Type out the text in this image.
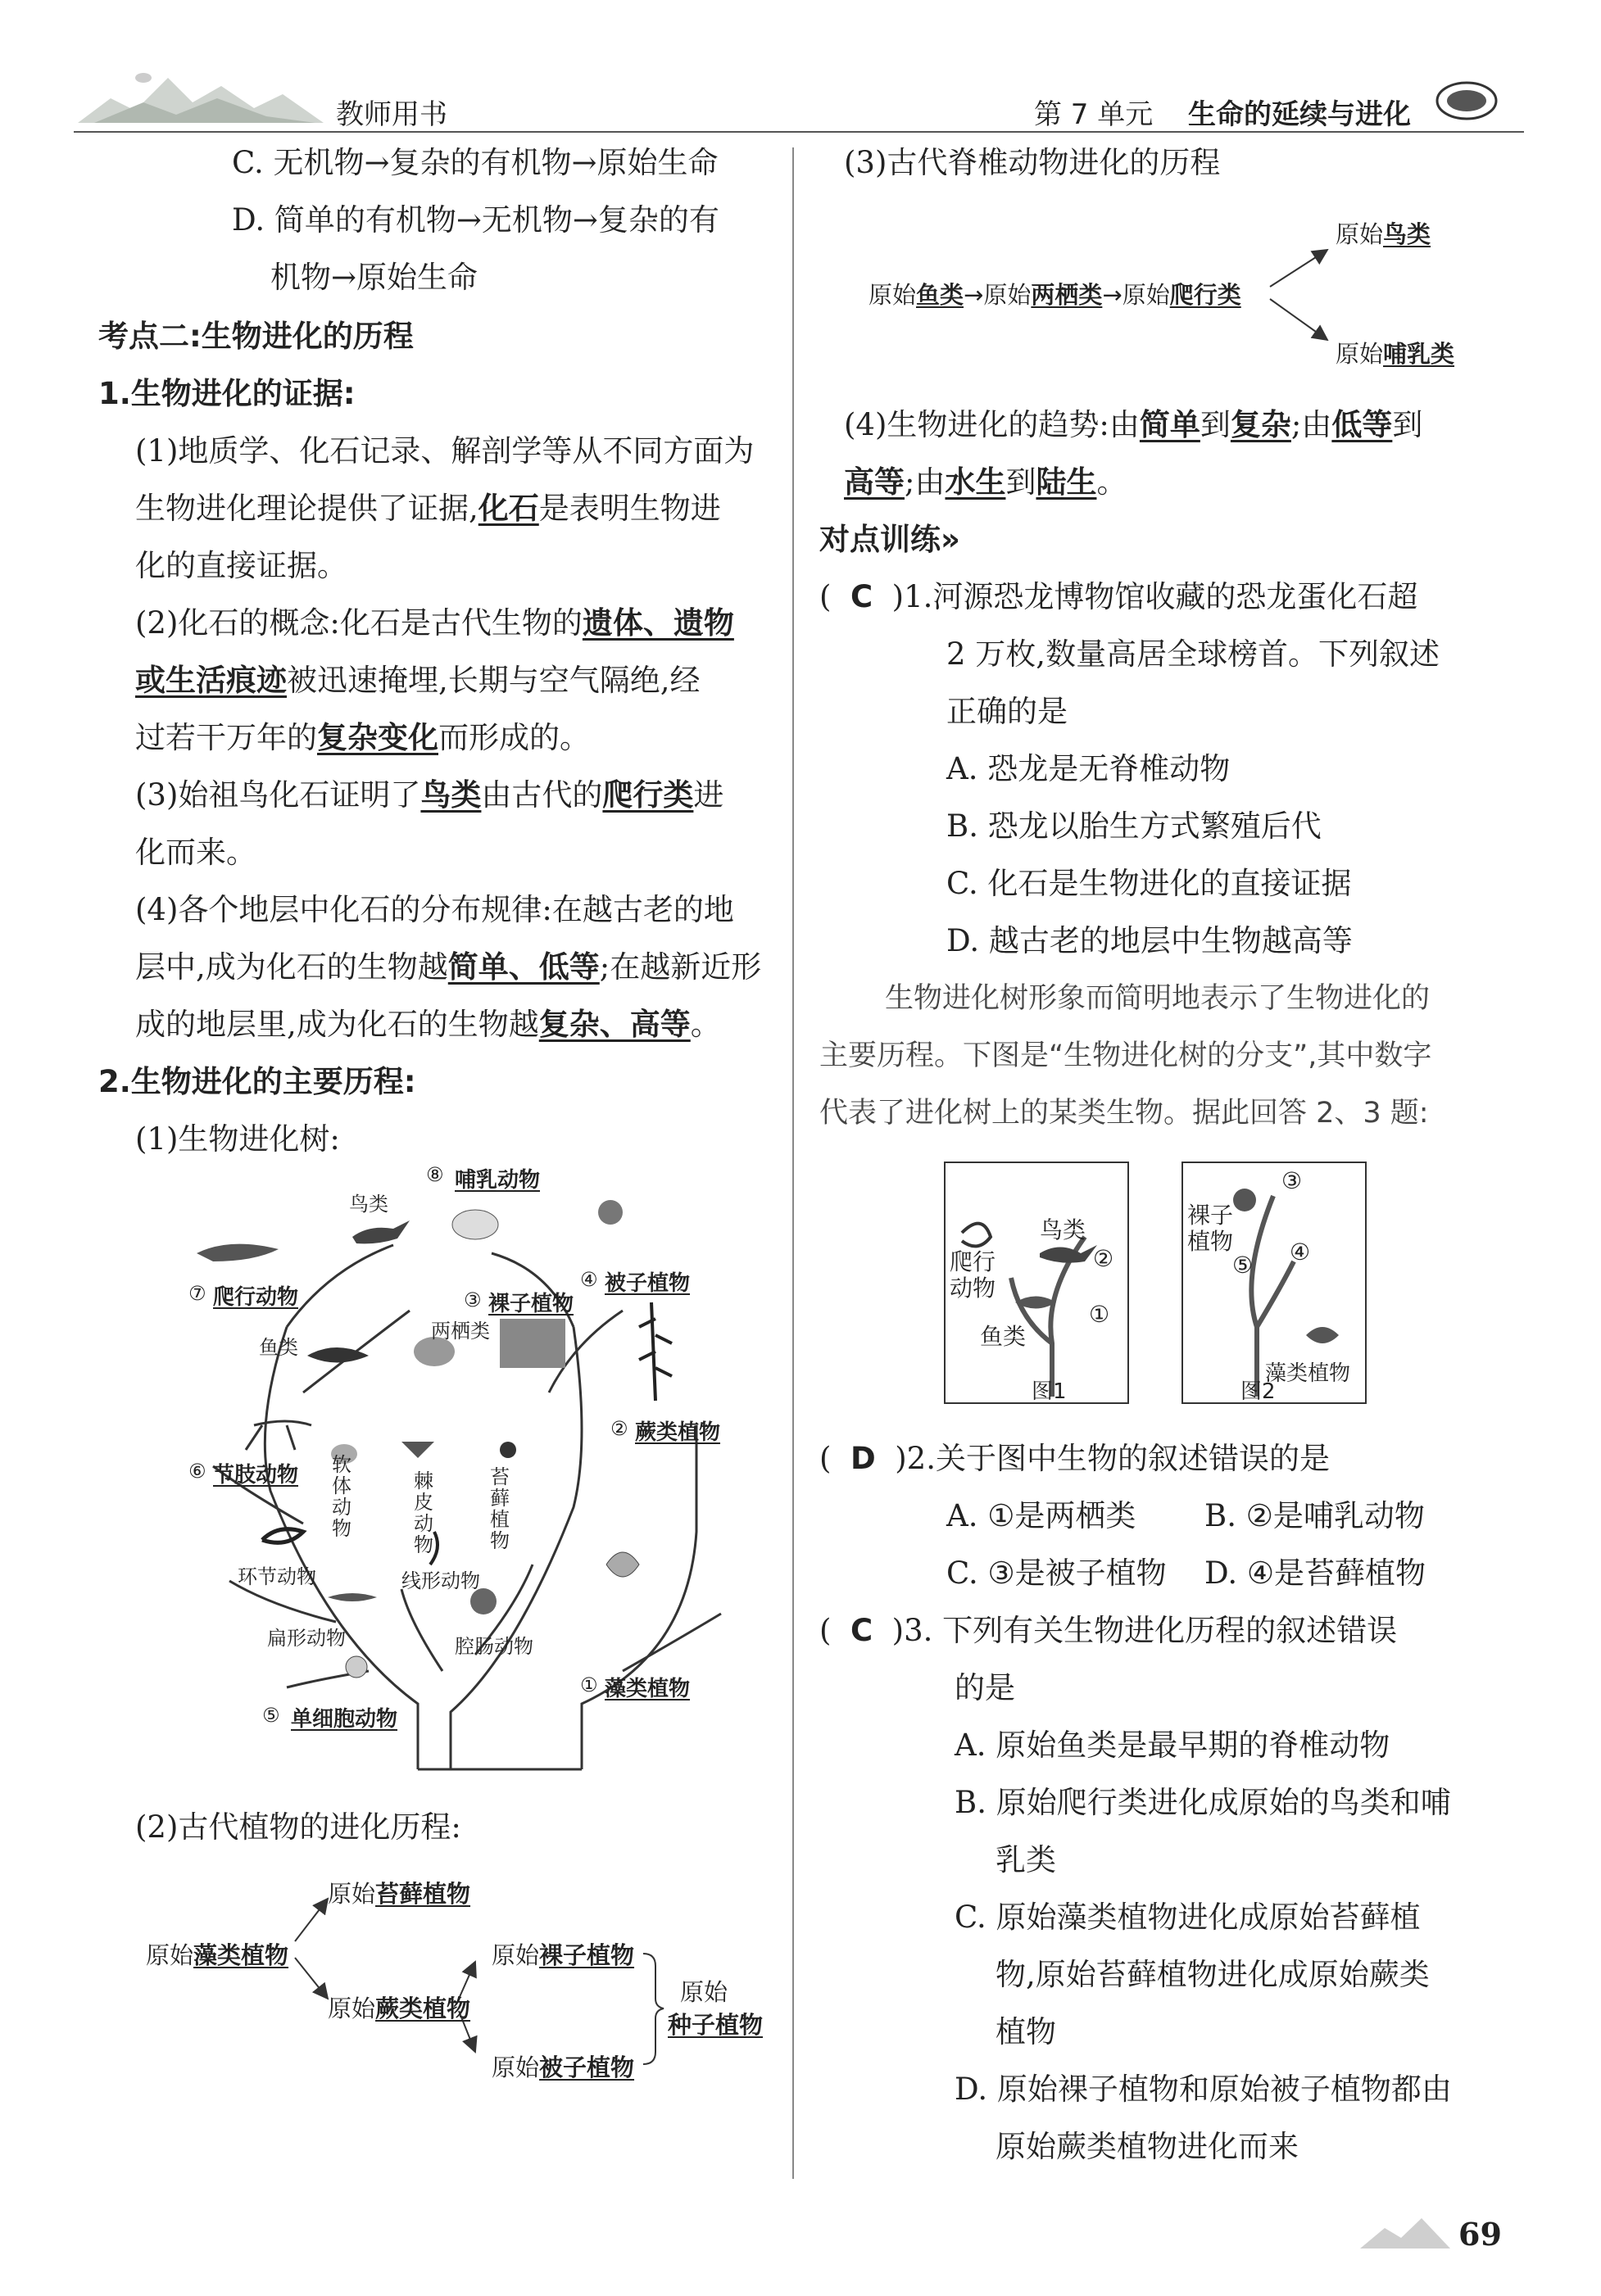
教师用书	第 7 单元 生命的延续与进化
C. 无机物→复杂的有机物→原始生命
D. 简单的有机物→无机物→复杂的有
机物→原始生命
考点二:生物进化的历程
1.生物进化的证据:
(1)地质学、化石记录、解剖学等从不同方面为
生物进化理论提供了证据,化石是表明生物进
化的直接证据。
(2)化石的概念:化石是古代生物的遗体、遗物
或生活痕迹被迅速掩埋,长期与空气隔绝,经
过若干万年的复杂变化而形成的。
(3)始祖鸟化石证明了鸟类由古代的爬行类进
化而来。
(4)各个地层中化石的分布规律:在越古老的地
层中,成为化石的生物越简单、低等;在越新近形
成的地层里,成为化石的生物越复杂、高等。
2.生物进化的主要历程:
(1)生物进化树:
鸟类
⑧ 哺乳动物
⑦ 爬行动物	③ 裸子植物
④ 被子植物
两栖类
鱼类
② 蕨类植物
⑥ 节肢动物 软体动物
棘皮动物
苔藓植物
环节动物	线形动物
扁形动物	腔肠动物
① 藻类植物
⑤ 单细胞动物
(2)古代植物的进化历程:
原始苔藓植物
原始藻类植物
原始蕨类植物
原始裸子植物
原始被子植物
原始
种子植物
(3)古代脊椎动物进化的历程
原始鱼类→原始两栖类→原始爬行类
原始鸟类
原始哺乳类
(4)生物进化的趋势:由简单到复杂;由低等到
高等;由水生到陆生。
对点训练»
(  C  )1.河源恐龙博物馆收藏的恐龙蛋化石超
2 万枚,数量高居全球榜首。下列叙述
正确的是
A. 恐龙是无脊椎动物
B. 恐龙以胎生方式繁殖后代
C. 化石是生物进化的直接证据
D. 越古老的地层中生物越高等
生物进化树形象而简明地表示了生物进化的
主要历程。下图是“生物进化树的分支”,其中数字
代表了进化树上的某类生物。据此回答 2、3 题:
鸟类
②
爬行
动物
①
鱼类
图1
③
裸子
植物
⑤ ④
藻类植物
图2
(  D  )2.关于图中生物的叙述错误的是
A. ①是两栖类 B. ②是哺乳动物
C. ③是被子植物 D. ④是苔藓植物
(  C  )3. 下列有关生物进化历程的叙述错误
的是
A. 原始鱼类是最早期的脊椎动物
B. 原始爬行类进化成原始的鸟类和哺
乳类
C. 原始藻类植物进化成原始苔藓植
物,原始苔藓植物进化成原始蕨类
植物
D. 原始裸子植物和原始被子植物都由
原始蕨类植物进化而来
69
